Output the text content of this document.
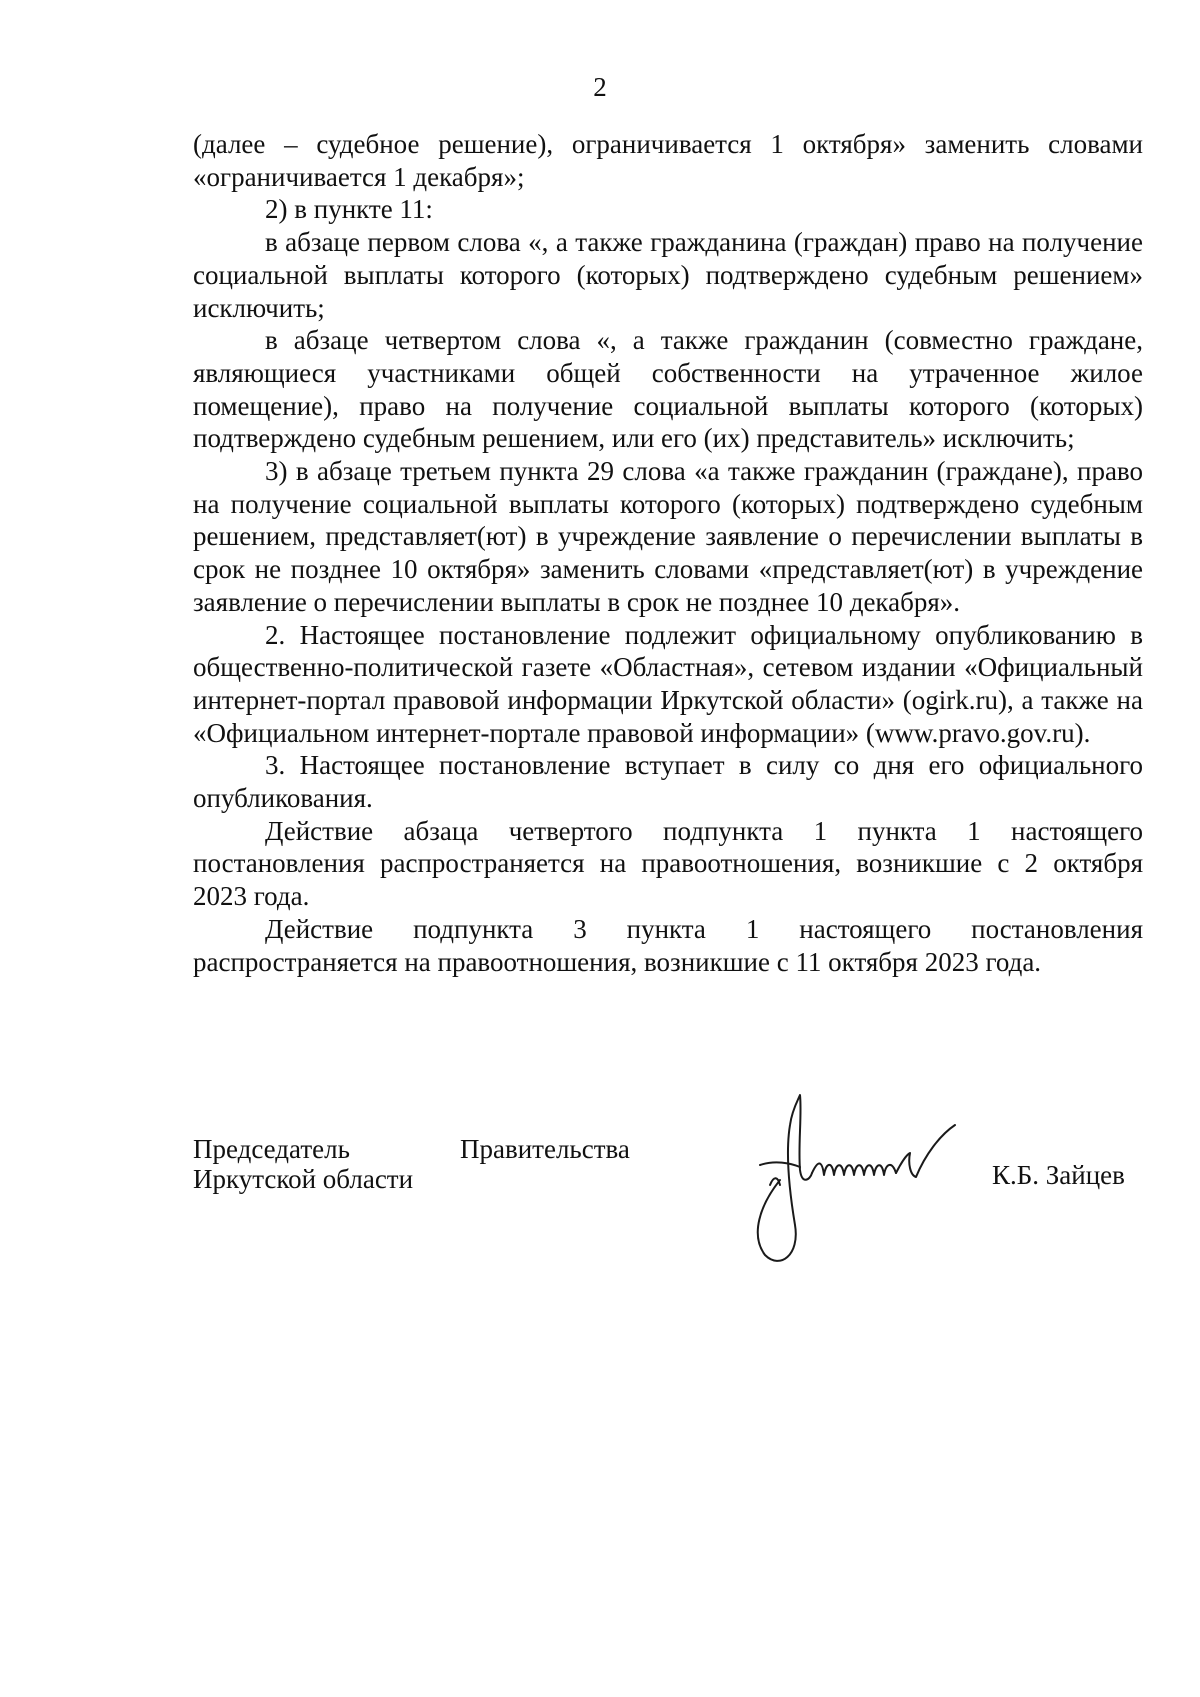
2

(далее – судебное решение), ограничивается 1 октября» заменить словами «ограничивается 1 декабря»;

2) в пункте 11:

в абзаце первом слова «, а также гражданина (граждан) право на получение социальной выплаты которого (которых) подтверждено судебным решением» исключить;

в абзаце четвертом слова «, а также гражданин (совместно граждане, являющиеся участниками общей собственности на утраченное жилое помещение), право на получение социальной выплаты которого (которых) подтверждено судебным решением, или его (их) представитель» исключить;

3) в абзаце третьем пункта 29 слова «а также гражданин (граждане), право на получение социальной выплаты которого (которых) подтверждено судебным решением, представляет(ют) в учреждение заявление о перечислении выплаты в срок не позднее 10 октября» заменить словами «представляет(ют) в учреждение заявление о перечислении выплаты в срок не позднее 10 декабря».

2. Настоящее постановление подлежит официальному опубликованию в общественно-политической газете «Областная», сетевом издании «Официальный интернет-портал правовой информации Иркутской области» (ogirk.ru), а также на «Официальном интернет-портале правовой информации» (www.pravo.gov.ru).

3. Настоящее постановление вступает в силу со дня его официального опубликования.

Действие абзаца четвертого подпункта 1 пункта 1 настоящего постановления распространяется на правоотношения, возникшие с 2 октября 2023 года.

Действие подпункта 3 пункта 1 настоящего постановления распространяется на правоотношения, возникшие с 11 октября 2023 года.

Председатель
Иркутской области
Правительства
К.Б. Зайцев
